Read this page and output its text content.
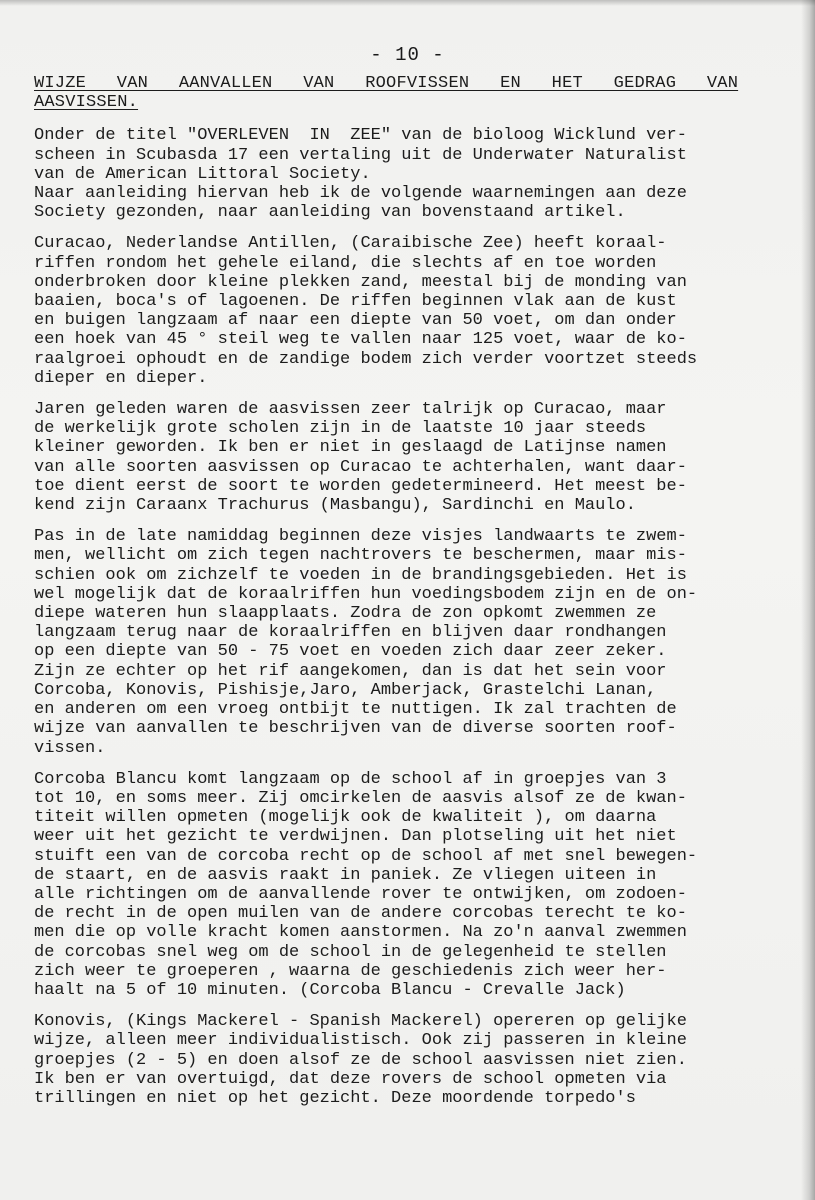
- 10 -
WIJZE  VAN  AANVALLEN  VAN  ROOFVISSEN  EN  HET  GEDRAG  VAN
AASVISSEN.
Onder de titel "OVERLEVEN  IN  ZEE" van de bioloog Wicklund ver-
scheen in Scubasda 17 een vertaling uit de Underwater Naturalist
van de American Littoral Society.
Naar aanleiding hiervan heb ik de volgende waarnemingen aan deze
Society gezonden, naar aanleiding van bovenstaand artikel.
Curacao, Nederlandse Antillen, (Caraibische Zee) heeft koraal-
riffen rondom het gehele eiland, die slechts af en toe worden
onderbroken door kleine plekken zand, meestal bij de monding van
baaien, boca's of lagoenen. De riffen beginnen vlak aan de kust
en buigen langzaam af naar een diepte van 50 voet, om dan onder
een hoek van 45 ° steil weg te vallen naar 125 voet, waar de ko-
raalgroei ophoudt en de zandige bodem zich verder voortzet steeds
dieper en dieper.
Jaren geleden waren de aasvissen zeer talrijk op Curacao, maar
de werkelijk grote scholen zijn in de laatste 10 jaar steeds
kleiner geworden. Ik ben er niet in geslaagd de Latijnse namen
van alle soorten aasvissen op Curacao te achterhalen, want daar-
toe dient eerst de soort te worden gedetermineerd. Het meest be-
kend zijn Caraanx Trachurus (Masbangu), Sardinchi en Maulo.
Pas in de late namiddag beginnen deze visjes landwaarts te zwem-
men, wellicht om zich tegen nachtrovers te beschermen, maar mis-
schien ook om zichzelf te voeden in de brandingsgebieden. Het is
wel mogelijk dat de koraalriffen hun voedingsbodem zijn en de on-
diepe wateren hun slaapplaats. Zodra de zon opkomt zwemmen ze
langzaam terug naar de koraalriffen en blijven daar rondhangen
op een diepte van 50 - 75 voet en voeden zich daar zeer zeker.
Zijn ze echter op het rif aangekomen, dan is dat het sein voor
Corcoba, Konovis, Pishisje,Jaro, Amberjack, Grastelchi Lanan,
en anderen om een vroeg ontbijt te nuttigen. Ik zal trachten de
wijze van aanvallen te beschrijven van de diverse soorten roof-
vissen.
Corcoba Blancu komt langzaam op de school af in groepjes van 3
tot 10, en soms meer. Zij omcirkelen de aasvis alsof ze de kwan-
titeit willen opmeten (mogelijk ook de kwaliteit ), om daarna
weer uit het gezicht te verdwijnen. Dan plotseling uit het niet
stuift een van de corcoba recht op de school af met snel bewegen-
de staart, en de aasvis raakt in paniek. Ze vliegen uiteen in
alle richtingen om de aanvallende rover te ontwijken, om zodoen-
de recht in de open muilen van de andere corcobas terecht te ko-
men die op volle kracht komen aanstormen. Na zo'n aanval zwemmen
de corcobas snel weg om de school in de gelegenheid te stellen
zich weer te groeperen , waarna de geschiedenis zich weer her-
haalt na 5 of 10 minuten. (Corcoba Blancu - Crevalle Jack)
Konovis, (Kings Mackerel - Spanish Mackerel) opereren op gelijke
wijze, alleen meer individualistisch. Ook zij passeren in kleine
groepjes (2 - 5) en doen alsof ze de school aasvissen niet zien.
Ik ben er van overtuigd, dat deze rovers de school opmeten via
trillingen en niet op het gezicht. Deze moordende torpedo's
